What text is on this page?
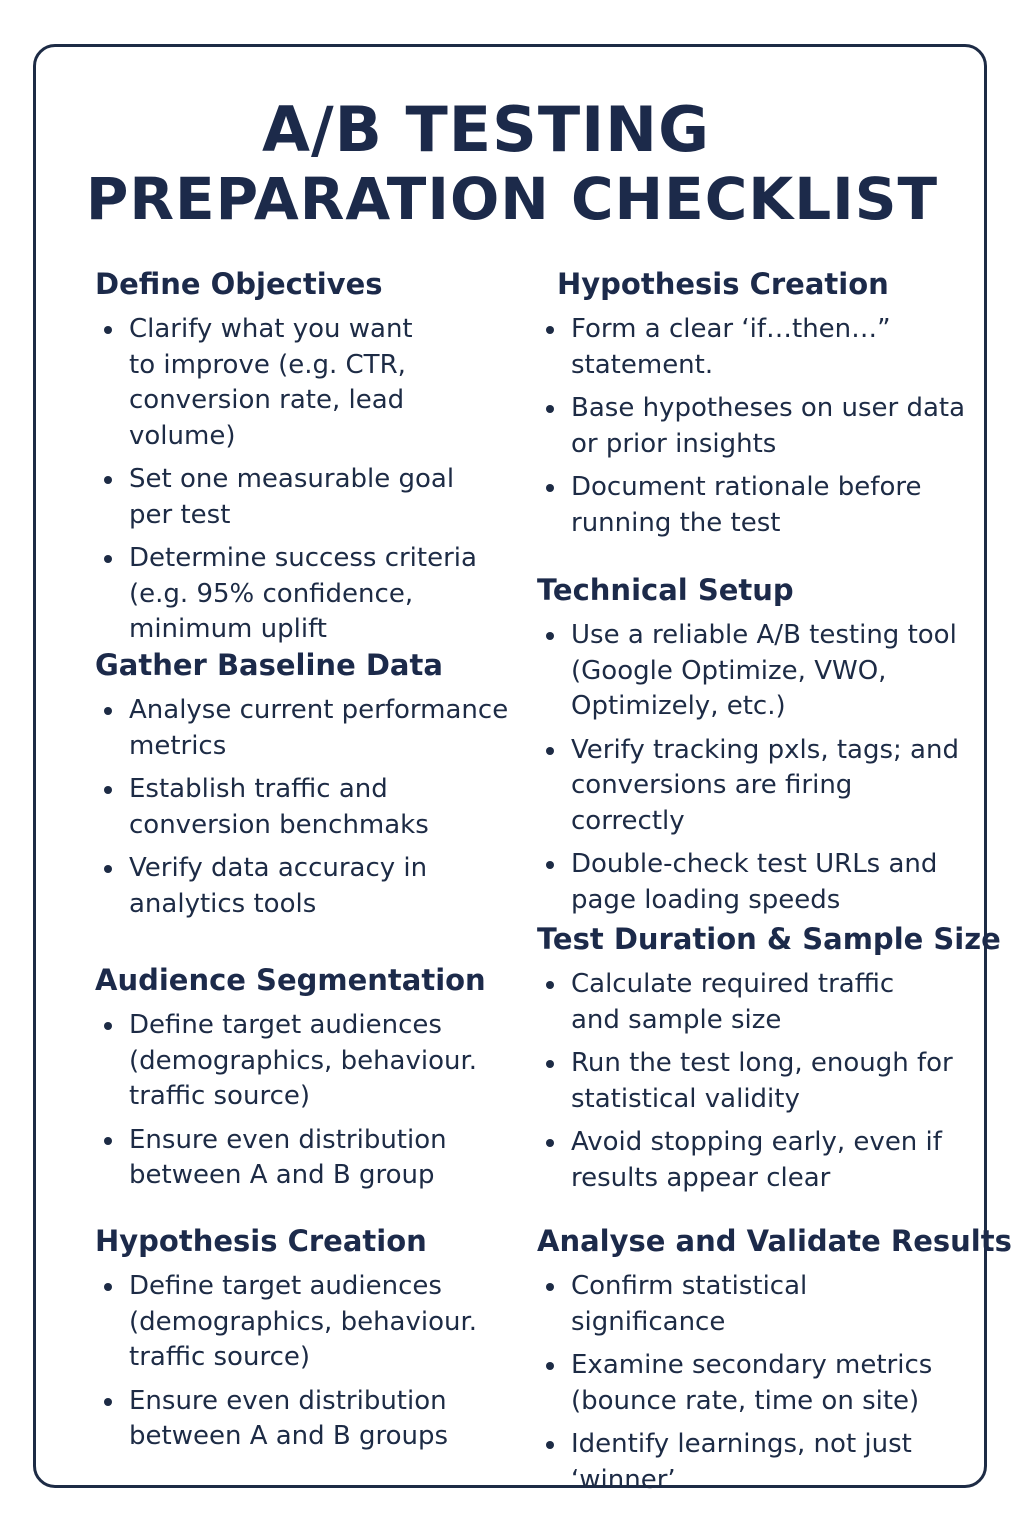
A/B TESTING
PREPARATION CHECKLIST
Define Objectives
Clarify what you want
to improve (e.g. CTR,
conversion rate, lead volume)
Set one measurable goal
per test
Determine success criteria
(e.g. 95% confidence,
minimum uplift
Gather Baseline Data
Analyse current performance
metrics
Establish traffic and
conversion benchmaks
Verify data accuracy in
analytics tools
Audience Segmentation
Define target audiences
(demographics, behaviour.
traffic source)
Ensure even distribution
between A and B group
Hypothesis Creation
Define target audiences
(demographics, behaviour.
traffic source)
Ensure even distribution
between A and B groups
Hypothesis Creation
Form a clear ‘if…then…”
statement.
Base hypotheses on user data
or prior insights
Document rationale before
running the test
Technical Setup
Use a reliable A/B testing tool
(Google Optimize, VWO,
Optimizely, etc.)
Verify tracking pxls, tags; and
conversions are firing correctly
Double-check test URLs and
page loading speeds
Test Duration & Sample Size
Calculate required traffic
and sample size
Run the test long, enough for
statistical validity
Avoid stopping early, even if
results appear clear
Analyse and Validate Results
Confirm statistical significance
Examine secondary metrics
(bounce rate, time on site)
Identify learnings, not just
‘winner’
